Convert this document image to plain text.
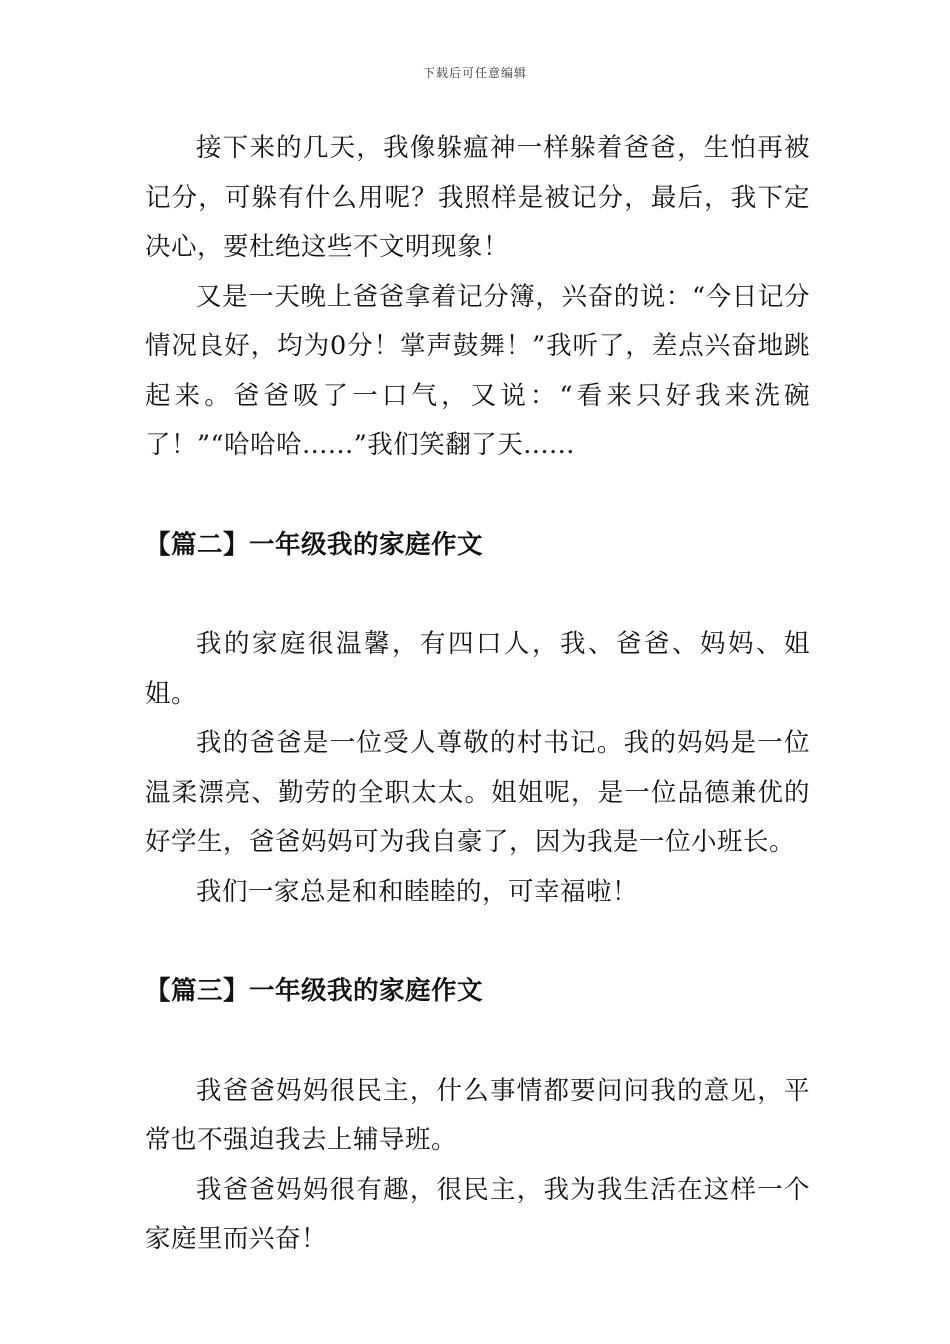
下载后可任意编辑

接下来的几天，我像躲瘟神一样躲着爸爸，生怕再被记分，可躲有什么用呢？我照样是被记分，最后，我下定决心，要杜绝这些不文明现象！

又是一天晚上爸爸拿着记分簿，兴奋的说：“今日记分情况良好，均为0分！掌声鼓舞！”我听了，差点兴奋地跳起来。爸爸吸了一口气，又说：“看来只好我来洗碗了！”“哈哈哈......”我们笑翻了天......

【篇二】一年级我的家庭作文

我的家庭很温馨，有四口人，我、爸爸、妈妈、姐姐。

我的爸爸是一位受人尊敬的村书记。我的妈妈是一位温柔漂亮、勤劳的全职太太。姐姐呢，是一位品德兼优的好学生，爸爸妈妈可为我自豪了，因为我是一位小班长。

我们一家总是和和睦睦的，可幸福啦！

【篇三】一年级我的家庭作文

我爸爸妈妈很民主，什么事情都要问问我的意见，平常也不强迫我去上辅导班。

我爸爸妈妈很有趣，很民主，我为我生活在这样一个家庭里而兴奋！
